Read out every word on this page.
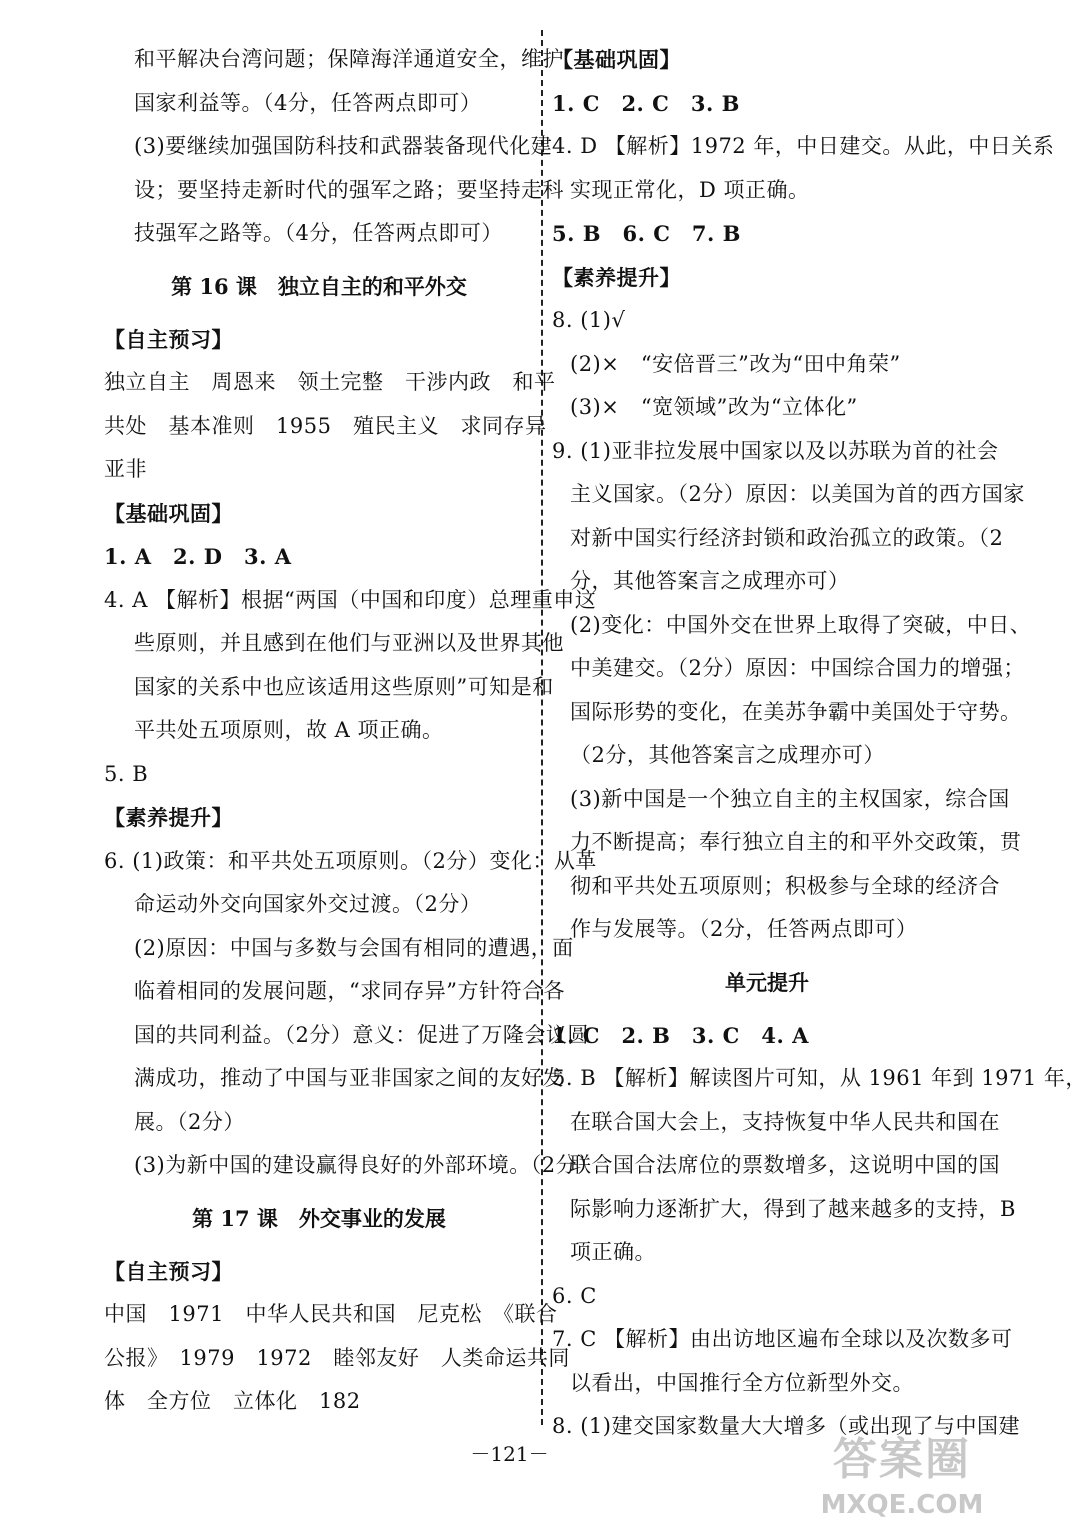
和平解决台湾问题；保障海洋通道安全，维护
国家利益等。（4分，任答两点即可）
(3)要继续加强国防科技和武器装备现代化建
设；要坚持走新时代的强军之路；要坚持走科
技强军之路等。（4分，任答两点即可）
第 16 课　独立自主的和平外交
【自主预习】
独立自主　周恩来　领土完整　干涉内政　和平
共处　基本准则　1955　殖民主义　求同存异
亚非
【基础巩固】
1. A　2. D　3. A
4. A 【解析】根据“两国（中国和印度）总理重申这
些原则，并且感到在他们与亚洲以及世界其他
国家的关系中也应该适用这些原则”可知是和
平共处五项原则，故 A 项正确。
5. B
【素养提升】
6. (1)政策：和平共处五项原则。（2分）变化：从革
命运动外交向国家外交过渡。（2分）
(2)原因：中国与多数与会国有相同的遭遇，面
临着相同的发展问题，“求同存异”方针符合各
国的共同利益。（2分）意义：促进了万隆会议圆
满成功，推动了中国与亚非国家之间的友好发
展。（2分）
(3)为新中国的建设赢得良好的外部环境。（2分）
第 17 课　外交事业的发展
【自主预习】
中国　1971　中华人民共和国　尼克松　《联合
公报》　1979　1972　睦邻友好　人类命运共同
体　全方位　立体化　182
【基础巩固】
1. C　2. C　3. B
4. D 【解析】1972 年，中日建交。从此，中日关系
实现正常化，D 项正确。
5. B　6. C　7. B
【素养提升】
8. (1)√
(2)×　“安倍晋三”改为“田中角荣”
(3)×　“宽领域”改为“立体化”
9. (1)亚非拉发展中国家以及以苏联为首的社会
主义国家。（2分）原因：以美国为首的西方国家
对新中国实行经济封锁和政治孤立的政策。（2
分，其他答案言之成理亦可）
(2)变化：中国外交在世界上取得了突破，中日、
中美建交。（2分）原因：中国综合国力的增强；
国际形势的变化，在美苏争霸中美国处于守势。
（2分，其他答案言之成理亦可）
(3)新中国是一个独立自主的主权国家，综合国
力不断提高；奉行独立自主的和平外交政策，贯
彻和平共处五项原则；积极参与全球的经济合
作与发展等。（2分，任答两点即可）
单元提升
1. C　2. B　3. C　4. A
5. B 【解析】解读图片可知，从 1961 年到 1971 年，
在联合国大会上，支持恢复中华人民共和国在
联合国合法席位的票数增多，这说明中国的国
际影响力逐渐扩大，得到了越来越多的支持，B
项正确。
6. C
7. C 【解析】由出访地区遍布全球以及次数多可
以看出，中国推行全方位新型外交。
8. (1)建交国家数量大大增多（或出现了与中国建
－121－	答案圈
MXQE.COM
